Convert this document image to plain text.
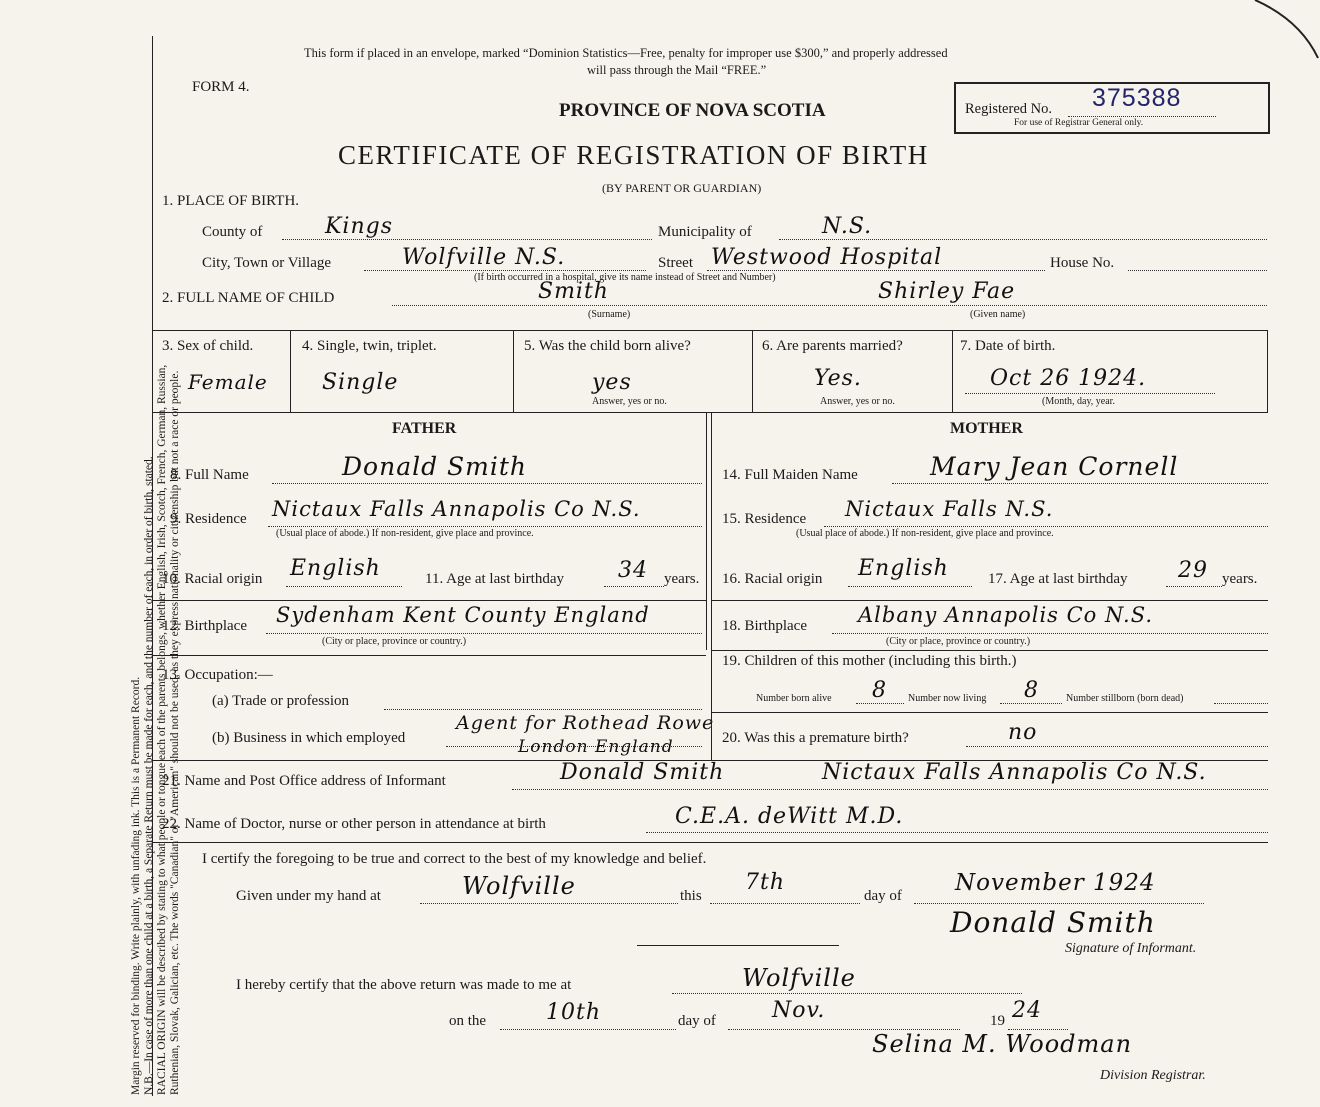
Margin reserved for binding. Write plainly, with unfading ink. This is a Permanent Record. N.B.—In case of more than one child at a birth, a Separate Return must be made for each, and the number of each, in order of birth, stated. RACIAL ORIGIN will be described by stating to what people or tongue each of the parents belongs, whether English, Irish, Scotch, French, German, Russian, Ruthenian, Slovak, Galician, etc. The words "Canadian" or "American" should not be used, as they express nationality or citizenship but not a race or people.
This form if placed in an envelope, marked “Dominion Statistics—Free, penalty for improper use $300,” and properly addressed
will pass through the Mail “FREE.”
FORM 4.
PROVINCE OF NOVA SCOTIA
CERTIFICATE OF REGISTRATION OF BIRTH
(BY PARENT OR GUARDIAN)
Registered No. 375388
For use of Registrar General only.
1. PLACE OF BIRTH.
County of	Kings	Municipality of	N.S.
City, Town or Village	Wolfville N.S.	Street Westwood Hospital	House No.
(If birth occurred in a hospital, give its name instead of Street and Number)
2. FULL NAME OF CHILD	Smith
(Surname)
Shirley Fae
(Given name)
3. Sex of child.
Female
4. Single, twin, triplet.
Single
5. Was the child born alive?
yes
Answer, yes or no.
6. Are parents married?
Yes.
Answer, yes or no.
7. Date of birth.
Oct 26 1924.
(Month, day, year.
FATHER	MOTHER
8. Full Name	Donald Smith
9. Residence Nictaux Falls Annapolis Co N.S.
(Usual place of abode.) If non-resident, give place and province.
10. Racial origin English	11. Age at last birthday 34 years.
12. Birthplace Sydenham Kent County England
(City or place, province or country.)
13. Occupation:—
(a) Trade or profession
(b) Business in which employed
Agent for Rothead Rowe
London England
14. Full Maiden Name	Mary Jean Cornell
15. Residence Nictaux Falls N.S.
(Usual place of abode.) If non-resident, give place and province.
16. Racial origin English	17. Age at last birthday 29 years.
18. Birthplace Albany Annapolis Co N.S.
(City or place, province or country.)
19. Children of this mother (including this birth.)
Number born alive 8 Number now living 8	Number stillborn (born dead)
20. Was this a premature birth?	no
21. Name and Post Office address of Informant	Donald Smith	Nictaux Falls Annapolis Co N.S.
22. Name of Doctor, nurse or other person in attendance at birth	C.E.A. deWitt M.D.
I certify the foregoing to be true and correct to the best of my knowledge and belief.
Given under my hand at	Wolfville	this
7th
day of November 1924
Donald Smith
Signature of Informant.
I hereby certify that the above return was made to me at	Wolfville
on the	10th	day of	Nov.	19 24
Selina M. Woodman
Division Registrar.
